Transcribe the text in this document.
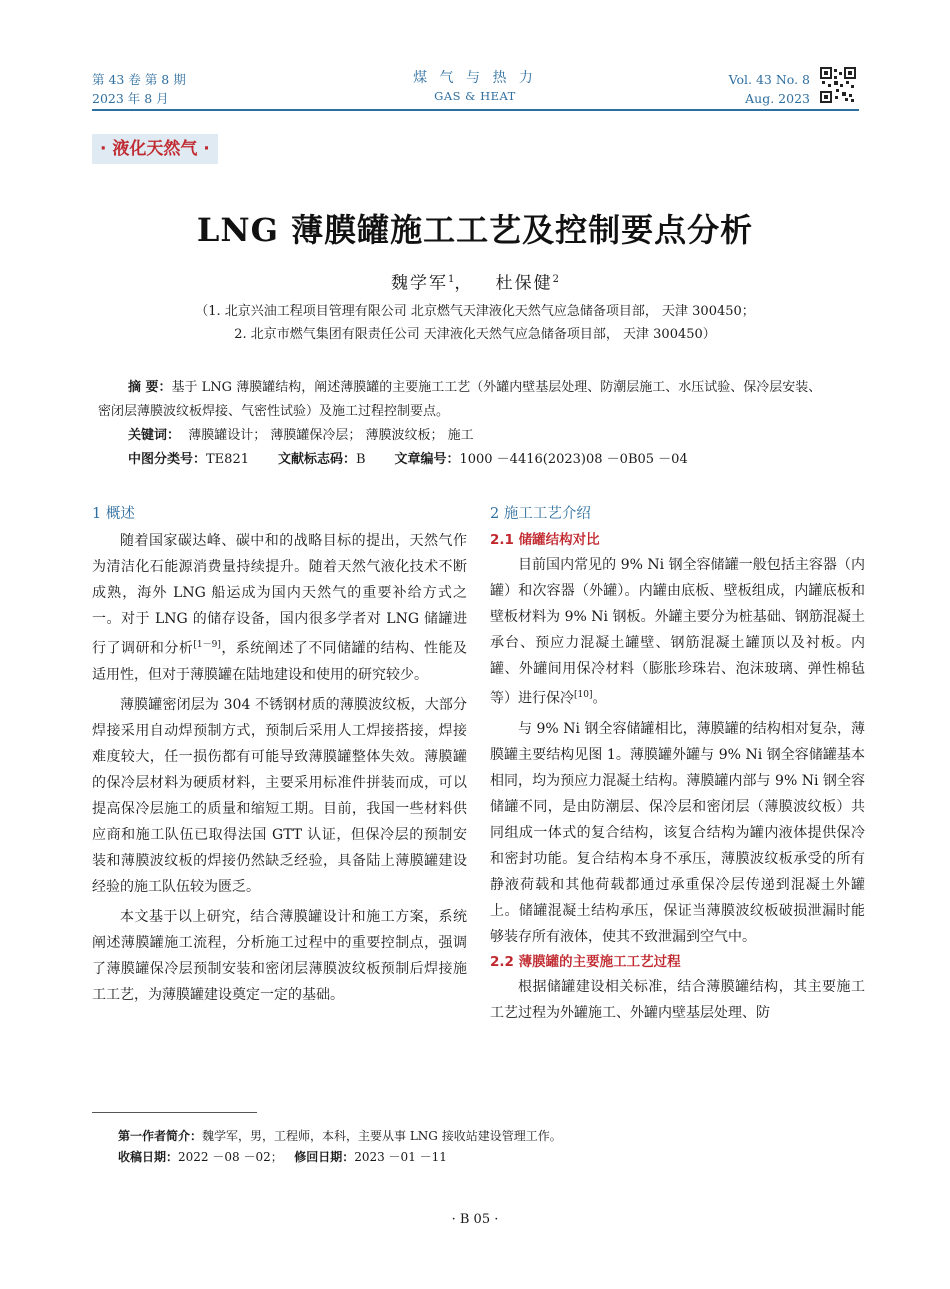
第 43 卷 第 8 期
2023 年 8 月
煤 气 与 热 力
GAS & HEAT
Vol. 43 No. 8
Aug. 2023
· 液化天然气 ·
LNG 薄膜罐施工工艺及控制要点分析
魏学军$^1$， 杜保健$^2$
（1. 北京兴油工程项目管理有限公司 北京燃气天津液化天然气应急储备项目部， 天津 300450；
2. 北京市燃气集团有限责任公司 天津液化天然气应急储备项目部， 天津 300450）

摘 要：基于 LNG 薄膜罐结构，阐述薄膜罐的主要施工工艺（外罐内壁基层处理、防潮层施工、水压试验、保冷层安装、密闭层薄膜波纹板焊接、气密性试验）及施工过程控制要点。

关键词： 薄膜罐设计； 薄膜罐保冷层； 薄膜波纹板； 施工
中图分类号：TE821 文献标志码：B 文章编号：1000 －4416(2023)08 －0B05 －04
1 概述

随着国家碳达峰、碳中和的战略目标的提出，天然气作为清洁化石能源消费量持续提升。随着天然气液化技术不断成熟，海外 LNG 船运成为国内天然气的重要补给方式之一。对于 LNG 的储存设备，国内很多学者对 LNG 储罐进行了调研和分析[1－9]，系统阐述了不同储罐的结构、性能及适用性，但对于薄膜罐在陆地建设和使用的研究较少。

薄膜罐密闭层为 304 不锈钢材质的薄膜波纹板，大部分焊接采用自动焊预制方式，预制后采用人工焊接搭接，焊接难度较大，任一损伤都有可能导致薄膜罐整体失效。薄膜罐的保冷层材料为硬质材料，主要采用标准件拼装而成，可以提高保冷层施工的质量和缩短工期。目前，我国一些材料供应商和施工队伍已取得法国 GTT 认证，但保冷层的预制安装和薄膜波纹板的焊接仍然缺乏经验，具备陆上薄膜罐建设经验的施工队伍较为匮乏。

本文基于以上研究，结合薄膜罐设计和施工方案，系统阐述薄膜罐施工流程，分析施工过程中的重要控制点，强调了薄膜罐保冷层预制安装和密闭层薄膜波纹板预制后焊接施工工艺，为薄膜罐建设奠定一定的基础。

2 施工工艺介绍
2.1 储罐结构对比

目前国内常见的 9% Ni 钢全容储罐一般包括主容器（内罐）和次容器（外罐）。内罐由底板、壁板组成，内罐底板和壁板材料为 9% Ni 钢板。外罐主要分为桩基础、钢筋混凝土承台、预应力混凝土罐壁、钢筋混凝土罐顶以及衬板。内罐、外罐间用保冷材料（膨胀珍珠岩、泡沫玻璃、弹性棉毡等）进行保冷[10]。

与 9% Ni 钢全容储罐相比，薄膜罐的结构相对复杂，薄膜罐主要结构见图 1。薄膜罐外罐与 9% Ni 钢全容储罐基本相同，均为预应力混凝土结构。薄膜罐内部与 9% Ni 钢全容储罐不同，是由防潮层、保冷层和密闭层（薄膜波纹板）共同组成一体式的复合结构，该复合结构为罐内液体提供保冷和密封功能。复合结构本身不承压，薄膜波纹板承受的所有静液荷载和其他荷载都通过承重保冷层传递到混凝土外罐上。储罐混凝土结构承压，保证当薄膜波纹板破损泄漏时能够装存所有液体，使其不致泄漏到空气中。

2.2 薄膜罐的主要施工工艺过程

根据储罐建设相关标准，结合薄膜罐结构，其主要施工工艺过程为外罐施工、外罐内壁基层处理、防

第一作者简介：魏学军，男，工程师，本科，主要从事 LNG 接收站建设管理工作。
收稿日期：2022 －08 －02； 修回日期：2023 －01 －11
· B 05 ·
